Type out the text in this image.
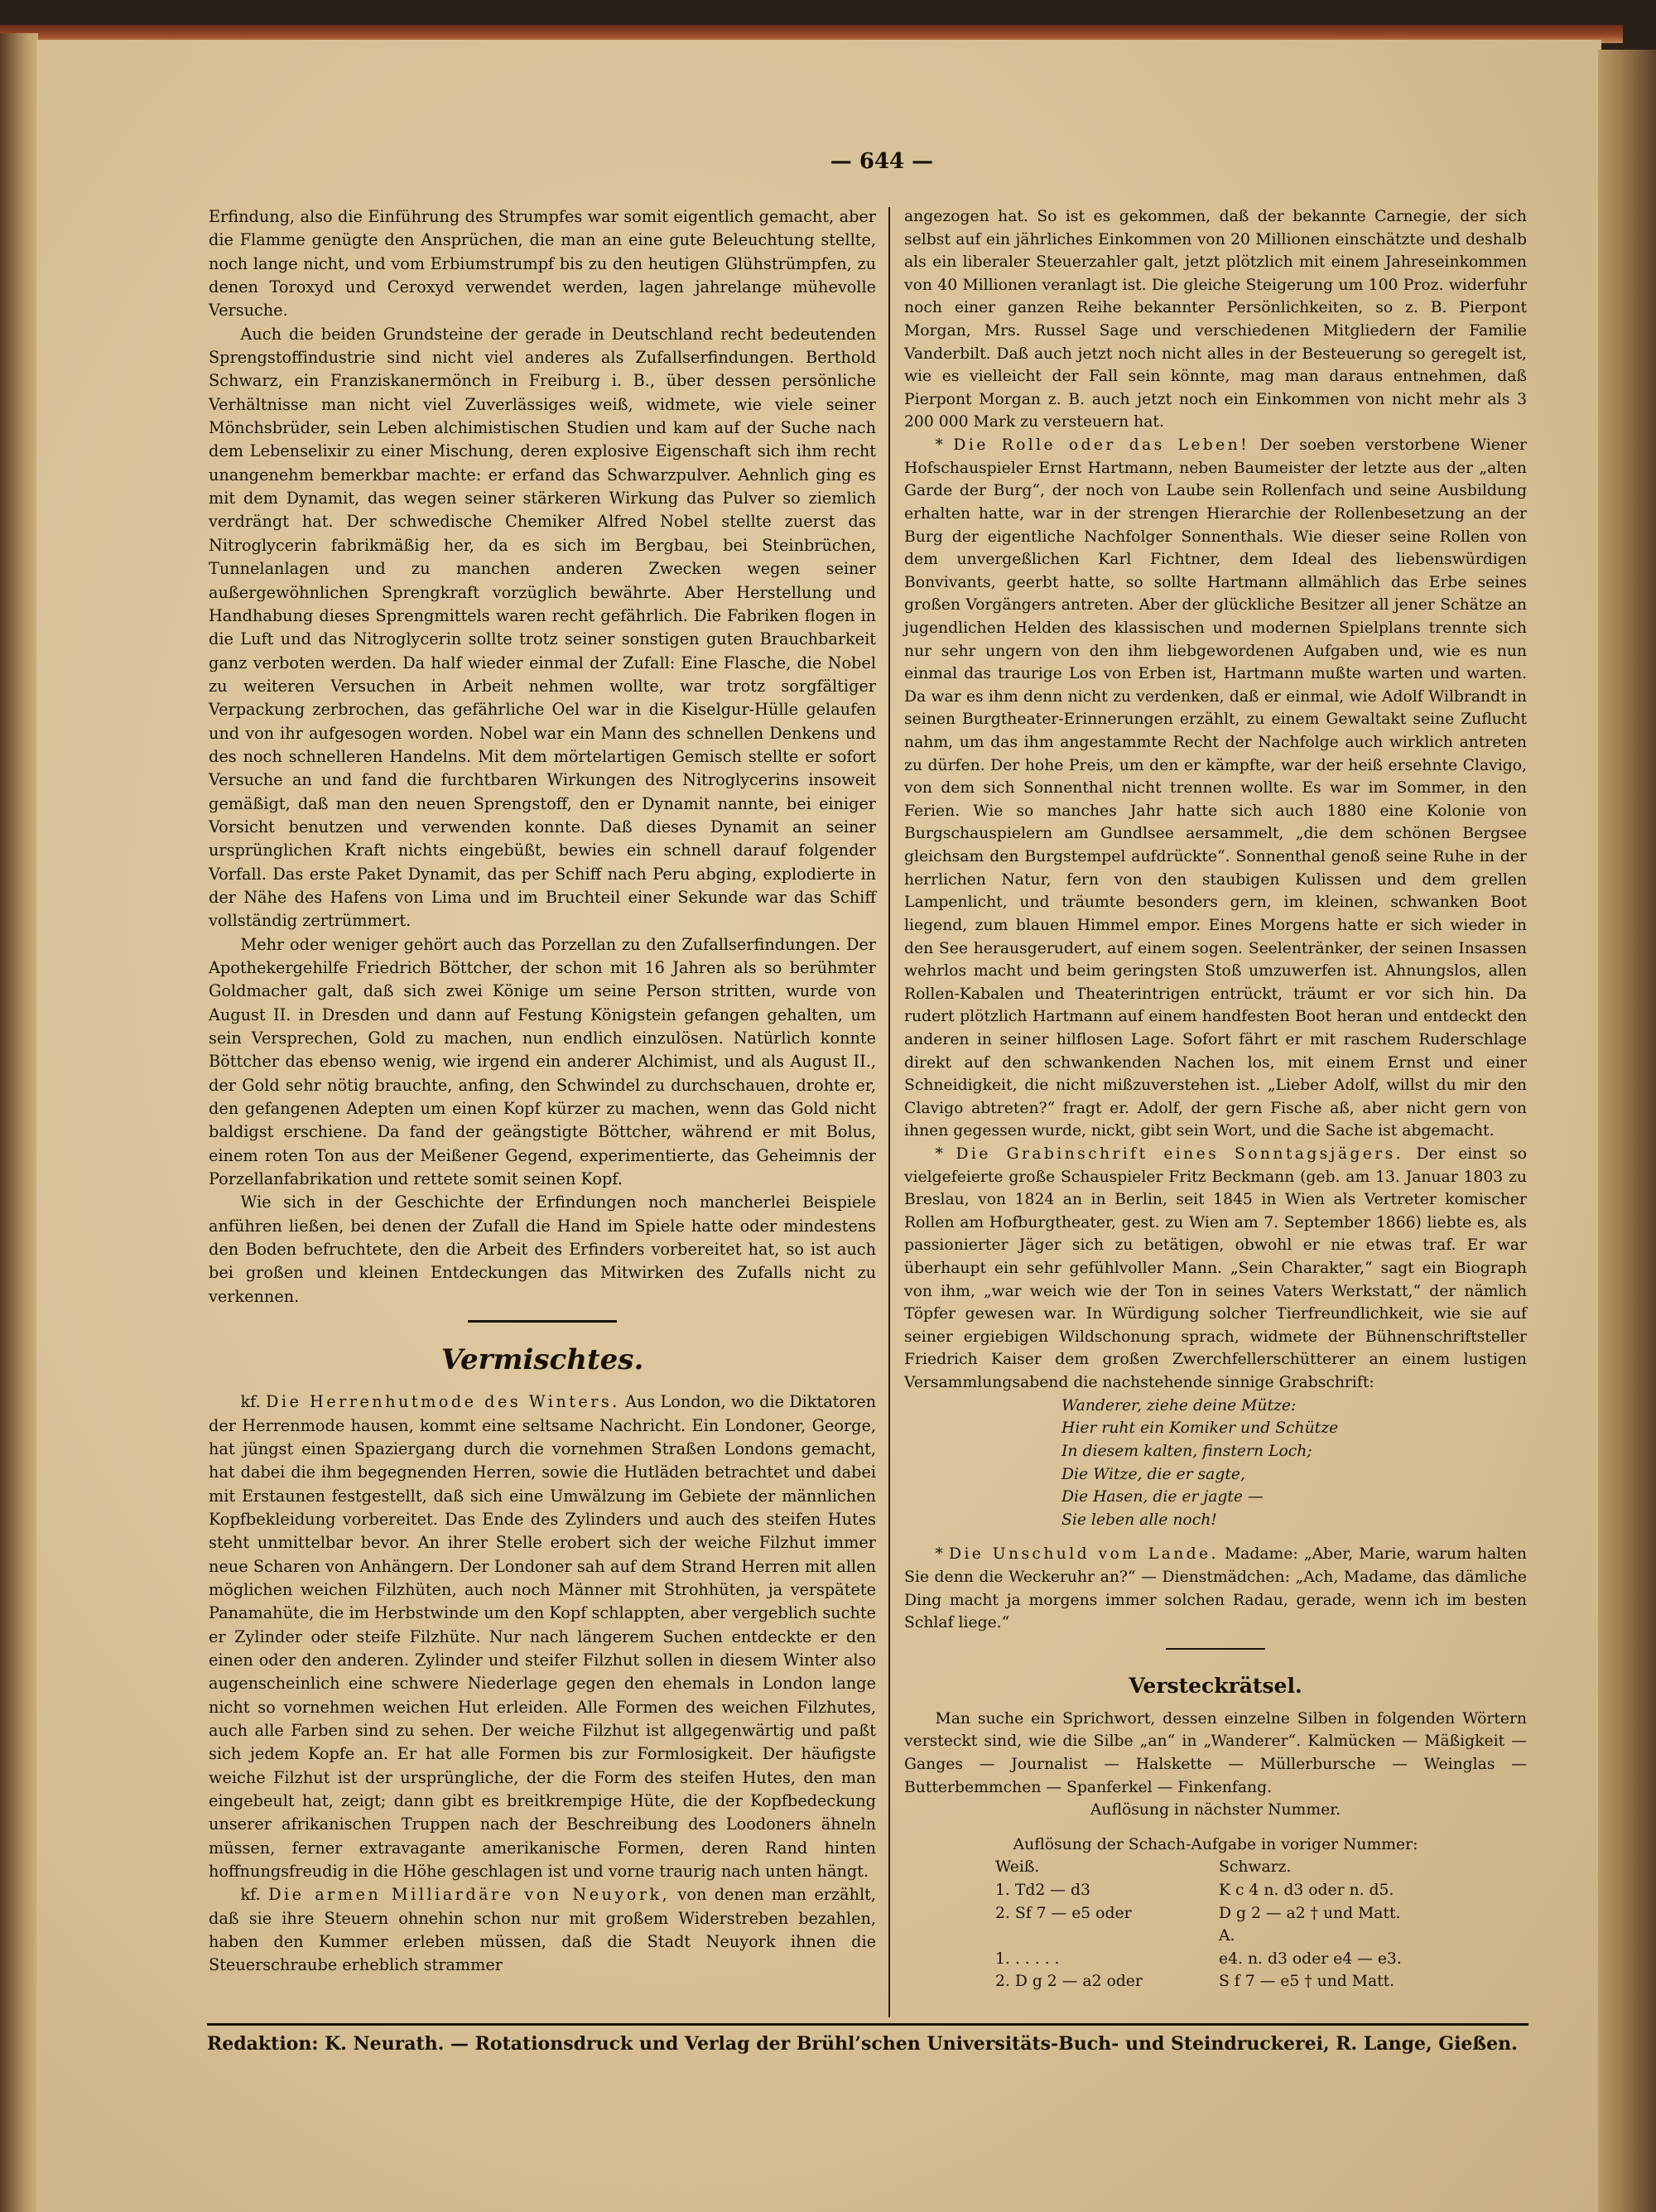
— 644 —

Erfindung, also die Einführung des Strumpfes war somit eigentlich gemacht, aber die Flamme genügte den Ansprüchen, die man an eine gute Beleuchtung stellte, noch lange nicht, und vom Erbiumstrumpf bis zu den heutigen Glühstrümpfen, zu denen Toroxyd und Ceroxyd verwendet werden, lagen jahrelange mühevolle Versuche.

Auch die beiden Grundsteine der gerade in Deutschland recht bedeutenden Sprengstoffindustrie sind nicht viel anderes als Zufallserfindungen. Berthold Schwarz, ein Franziskanermönch in Freiburg i. B., über dessen persönliche Verhältnisse man nicht viel Zuverlässiges weiß, widmete, wie viele seiner Mönchsbrüder, sein Leben alchimistischen Studien und kam auf der Suche nach dem Lebenselixir zu einer Mischung, deren explosive Eigenschaft sich ihm recht unangenehm bemerkbar machte: er erfand das Schwarzpulver. Aehnlich ging es mit dem Dynamit, das wegen seiner stärkeren Wirkung das Pulver so ziemlich verdrängt hat. Der schwedische Chemiker Alfred Nobel stellte zuerst das Nitroglycerin fabrikmäßig her, da es sich im Bergbau, bei Steinbrüchen, Tunnelanlagen und zu manchen anderen Zwecken wegen seiner außergewöhnlichen Sprengkraft vorzüglich bewährte. Aber Herstellung und Handhabung dieses Sprengmittels waren recht gefährlich. Die Fabriken flogen in die Luft und das Nitroglycerin sollte trotz seiner sonstigen guten Brauchbarkeit ganz verboten werden. Da half wieder einmal der Zufall: Eine Flasche, die Nobel zu weiteren Versuchen in Arbeit nehmen wollte, war trotz sorgfältiger Verpackung zerbrochen, das gefährliche Oel war in die Kiselgur-Hülle gelaufen und von ihr aufgesogen worden. Nobel war ein Mann des schnellen Denkens und des noch schnelleren Handelns. Mit dem mörtelartigen Gemisch stellte er sofort Versuche an und fand die furchtbaren Wirkungen des Nitroglycerins insoweit gemäßigt, daß man den neuen Sprengstoff, den er Dynamit nannte, bei einiger Vorsicht benutzen und verwenden konnte. Daß dieses Dynamit an seiner ursprünglichen Kraft nichts eingebüßt, bewies ein schnell darauf folgender Vorfall. Das erste Paket Dynamit, das per Schiff nach Peru abging, explodierte in der Nähe des Hafens von Lima und im Bruchteil einer Sekunde war das Schiff vollständig zertrümmert.

Mehr oder weniger gehört auch das Porzellan zu den Zufallserfindungen. Der Apothekergehilfe Friedrich Böttcher, der schon mit 16 Jahren als so berühmter Goldmacher galt, daß sich zwei Könige um seine Person stritten, wurde von August II. in Dresden und dann auf Festung Königstein gefangen gehalten, um sein Versprechen, Gold zu machen, nun endlich einzulösen. Natürlich konnte Böttcher das ebenso wenig, wie irgend ein anderer Alchimist, und als August II., der Gold sehr nötig brauchte, anfing, den Schwindel zu durchschauen, drohte er, den gefangenen Adepten um einen Kopf kürzer zu machen, wenn das Gold nicht baldigst erschiene. Da fand der geängstigte Böttcher, während er mit Bolus, einem roten Ton aus der Meißener Gegend, experimentierte, das Geheimnis der Porzellanfabrikation und rettete somit seinen Kopf.

Wie sich in der Geschichte der Erfindungen noch mancherlei Beispiele anführen ließen, bei denen der Zufall die Hand im Spiele hatte oder mindestens den Boden befruchtete, den die Arbeit des Erfinders vorbereitet hat, so ist auch bei großen und kleinen Entdeckungen das Mitwirken des Zufalls nicht zu verkennen.

Vermischtes.

kf. Die Herrenhutmode des Winters. Aus London, wo die Diktatoren der Herrenmode hausen, kommt eine seltsame Nachricht. Ein Londoner, George, hat jüngst einen Spaziergang durch die vornehmen Straßen Londons gemacht, hat dabei die ihm begegnenden Herren, sowie die Hutläden betrachtet und dabei mit Erstaunen festgestellt, daß sich eine Umwälzung im Gebiete der männlichen Kopfbekleidung vorbereitet. Das Ende des Zylinders und auch des steifen Hutes steht unmittelbar bevor. An ihrer Stelle erobert sich der weiche Filzhut immer neue Scharen von Anhängern. Der Londoner sah auf dem Strand Herren mit allen möglichen weichen Filzhüten, auch noch Männer mit Strohhüten, ja verspätete Panamahüte, die im Herbstwinde um den Kopf schlappten, aber vergeblich suchte er Zylinder oder steife Filzhüte. Nur nach längerem Suchen entdeckte er den einen oder den anderen. Zylinder und steifer Filzhut sollen in diesem Winter also augenscheinlich eine schwere Niederlage gegen den ehemals in London lange nicht so vornehmen weichen Hut erleiden. Alle Formen des weichen Filzhutes, auch alle Farben sind zu sehen. Der weiche Filzhut ist allgegenwärtig und paßt sich jedem Kopfe an. Er hat alle Formen bis zur Formlosigkeit. Der häufigste weiche Filzhut ist der ursprüngliche, der die Form des steifen Hutes, den man eingebeult hat, zeigt; dann gibt es breitkrempige Hüte, die der Kopfbedeckung unserer afrikanischen Truppen nach der Beschreibung des Loodoners ähneln müssen, ferner extravagante amerikanische Formen, deren Rand hinten hoffnungsfreudig in die Höhe geschlagen ist und vorne traurig nach unten hängt.

kf. Die armen Milliardäre von Neuyork, von denen man erzählt, daß sie ihre Steuern ohnehin schon nur mit großem Widerstreben bezahlen, haben den Kummer erleben müssen, daß die Stadt Neuyork ihnen die Steuerschraube erheblich strammer

angezogen hat. So ist es gekommen, daß der bekannte Carnegie, der sich selbst auf ein jährliches Einkommen von 20 Millionen einschätzte und deshalb als ein liberaler Steuerzahler galt, jetzt plötzlich mit einem Jahreseinkommen von 40 Millionen veranlagt ist. Die gleiche Steigerung um 100 Proz. widerfuhr noch einer ganzen Reihe bekannter Persönlichkeiten, so z. B. Pierpont Morgan, Mrs. Russel Sage und verschiedenen Mitgliedern der Familie Vanderbilt. Daß auch jetzt noch nicht alles in der Besteuerung so geregelt ist, wie es vielleicht der Fall sein könnte, mag man daraus entnehmen, daß Pierpont Morgan z. B. auch jetzt noch ein Einkommen von nicht mehr als 3 200 000 Mark zu versteuern hat.

* Die Rolle oder das Leben! Der soeben verstorbene Wiener Hofschauspieler Ernst Hartmann, neben Baumeister der letzte aus der „alten Garde der Burg“, der noch von Laube sein Rollenfach und seine Ausbildung erhalten hatte, war in der strengen Hierarchie der Rollenbesetzung an der Burg der eigentliche Nachfolger Sonnenthals. Wie dieser seine Rollen von dem unvergeßlichen Karl Fichtner, dem Ideal des liebenswürdigen Bonvivants, geerbt hatte, so sollte Hartmann allmählich das Erbe seines großen Vorgängers antreten. Aber der glückliche Besitzer all jener Schätze an jugendlichen Helden des klassischen und modernen Spielplans trennte sich nur sehr ungern von den ihm liebgewordenen Aufgaben und, wie es nun einmal das traurige Los von Erben ist, Hartmann mußte warten und warten. Da war es ihm denn nicht zu verdenken, daß er einmal, wie Adolf Wilbrandt in seinen Burgtheater-Erinnerungen erzählt, zu einem Gewaltakt seine Zuflucht nahm, um das ihm angestammte Recht der Nachfolge auch wirklich antreten zu dürfen. Der hohe Preis, um den er kämpfte, war der heiß ersehnte Clavigo, von dem sich Sonnenthal nicht trennen wollte. Es war im Sommer, in den Ferien. Wie so manches Jahr hatte sich auch 1880 eine Kolonie von Burgschauspielern am Gundlsee aersammelt, „die dem schönen Bergsee gleichsam den Burgstempel aufdrückte“. Sonnenthal genoß seine Ruhe in der herrlichen Natur, fern von den staubigen Kulissen und dem grellen Lampenlicht, und träumte besonders gern, im kleinen, schwanken Boot liegend, zum blauen Himmel empor. Eines Morgens hatte er sich wieder in den See herausgerudert, auf einem sogen. Seelentränker, der seinen Insassen wehrlos macht und beim geringsten Stoß umzuwerfen ist. Ahnungslos, allen Rollen-Kabalen und Theaterintrigen entrückt, träumt er vor sich hin. Da rudert plötzlich Hartmann auf einem handfesten Boot heran und entdeckt den anderen in seiner hilflosen Lage. Sofort fährt er mit raschem Ruderschlage direkt auf den schwankenden Nachen los, mit einem Ernst und einer Schneidigkeit, die nicht mißzuverstehen ist. „Lieber Adolf, willst du mir den Clavigo abtreten?“ fragt er. Adolf, der gern Fische aß, aber nicht gern von ihnen gegessen wurde, nickt, gibt sein Wort, und die Sache ist abgemacht.

* Die Grabinschrift eines Sonntagsjägers. Der einst so vielgefeierte große Schauspieler Fritz Beckmann (geb. am 13. Januar 1803 zu Breslau, von 1824 an in Berlin, seit 1845 in Wien als Vertreter komischer Rollen am Hofburgtheater, gest. zu Wien am 7. September 1866) liebte es, als passionierter Jäger sich zu betätigen, obwohl er nie etwas traf. Er war überhaupt ein sehr gefühlvoller Mann. „Sein Charakter,“ sagt ein Biograph von ihm, „war weich wie der Ton in seines Vaters Werkstatt,“ der nämlich Töpfer gewesen war. In Würdigung solcher Tierfreundlichkeit, wie sie auf seiner ergiebigen Wildschonung sprach, widmete der Bühnenschriftsteller Friedrich Kaiser dem großen Zwerchfellerschütterer an einem lustigen Versammlungsabend die nachstehende sinnige Grabschrift:

Wanderer, ziehe deine Mütze:
Hier ruht ein Komiker und Schütze
In diesem kalten, finstern Loch;
Die Witze, die er sagte,
Die Hasen, die er jagte —
Sie leben alle noch!

* Die Unschuld vom Lande. Madame: „Aber, Marie, warum halten Sie denn die Weckeruhr an?“ — Dienstmädchen: „Ach, Madame, das dämliche Ding macht ja morgens immer solchen Radau, gerade, wenn ich im besten Schlaf liege.“

Versteckrätsel.

Man suche ein Sprichwort, dessen einzelne Silben in folgenden Wörtern versteckt sind, wie die Silbe „an“ in „Wanderer“. Kalmücken — Mäßigkeit — Ganges — Journalist — Halskette — Müllerbursche — Weinglas — Butterbemmchen — Spanferkel — Finkenfang.

Auflösung in nächster Nummer.
Auflösung der Schach-Aufgabe in voriger Nummer:
Weiß.	Schwarz.
1. Td2 — d3	K c 4 n. d3 oder n. d5.
2. Sf 7 — e5 oder	D g 2 — a2 † und Matt.
A.
1. . . . . .	e4. n. d3 oder e4 — e3.
2. D g 2 — a2 oder	S f 7 — e5 † und Matt.
Redaktion: K. Neurath. — Rotationsdruck und Verlag der Brühl’schen Universitäts-Buch- und Steindruckerei, R. Lange, Gießen.
